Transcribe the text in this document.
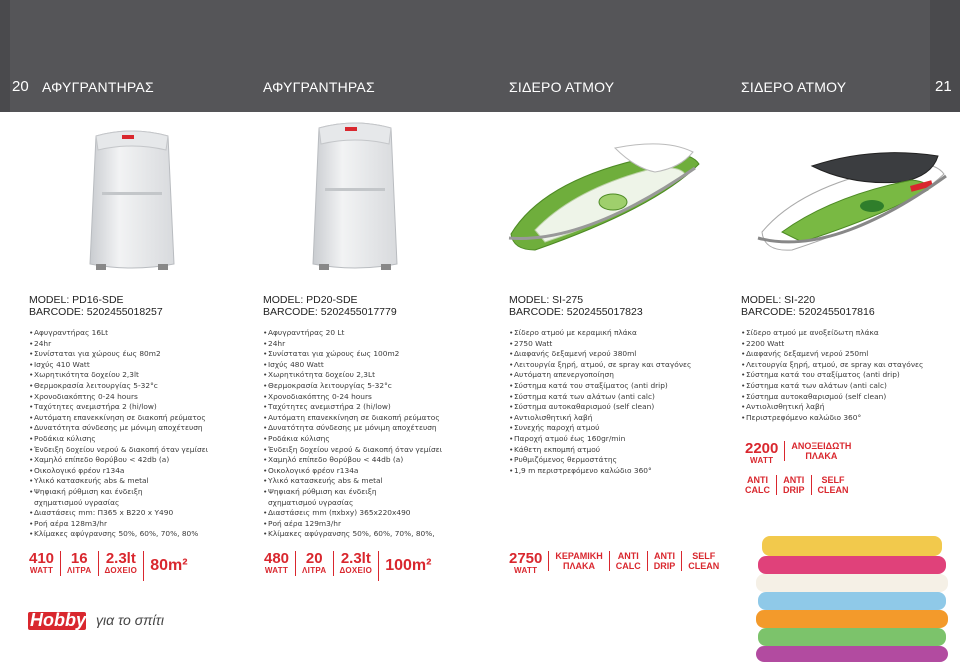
20 ΑΦΥΓΡΑΝΤΗΡΑΣ	ΑΦΥΓΡΑΝΤΗΡΑΣ	ΣΙΔΕΡΟ ΑΤΜΟΥ	ΣΙΔΕΡΟ ΑΤΜΟΥ	21
MODEL: PD16-SDE
BARCODE: 5202455018257
•Αφυγραντήρας 16Lt
•24hr
•Συνίσταται για χώρους έως 80m2
•Ισχύς 410 Watt
•Χωρητικότητα δοχείου 2,3lt
•Θερμοκρασία λειτουργίας 5-32°c
•Χρονοδιακόπτης 0-24 hours
•Ταχύτητες ανεμιστήρα 2 (hi/low)
•Αυτόματη επανεκκίνηση σε διακοπή ρεύματος
•Δυνατότητα σύνδεσης με μόνιμη αποχέτευση
•Ροδάκια κύλισης
•Ένδειξη δοχείου νερού & διακοπή όταν γεμίσει
•Χαμηλό επίπεδο θορύβου < 42db (a)
•Οικολογικό φρέον r134a
•Υλικό κατασκευής abs & metal
•Ψηφιακή ρύθμιση και ένδειξη
σχηματισμού υγρασίας
•Διαστάσεις mm: Π365 x Β220 x Υ490
•Ροή αέρα 128m3/hr
•Κλίμακες αφύγρανσης 50%, 60%, 70%, 80%
MODEL: PD20-SDE
BARCODE: 5202455017779
•Αφυγραντήρας 20 Lt
•24hr
•Συνίσταται για χώρους έως 100m2
•Ισχύς 480 Watt
•Χωρητικότητα δοχείου 2,3Lt
•Θερμοκρασία λειτουργίας 5-32°c
•Χρονοδιακόπτης 0-24 hours
•Ταχύτητες ανεμιστήρα 2 (hi/low)
•Αυτόματη επανεκκίνηση σε διακοπή ρεύματος
•Δυνατότητα σύνδεσης με μόνιμη αποχέτευση
•Ροδάκια κύλισης
•Ένδειξη δοχείου νερού & διακοπή όταν γεμίσει
•Χαμηλό επίπεδο θορύβου < 44db (a)
•Οικολογικό φρέον r134a
•Υλικό κατασκευής abs & metal
•Ψηφιακή ρύθμιση και ένδειξη
σχηματισμού υγρασίας
•Διαστάσεις mm (πxbxy) 365x220x490
•Ροή αέρα 129m3/hr
•Κλίμακες αφύγρανσης 50%, 60%, 70%, 80%,
MODEL: SI-275
BARCODE: 5202455017823
•Σίδερο ατμού με κεραμική πλάκα
•2750 Watt
•Διαφανής δεξαμενή νερού 380ml
•Λειτουργία ξηρή, ατμού, σε spray και σταγόνες
•Αυτόματη απενεργοποίηση
•Σύστημα κατά του σταξίματος (anti drip)
•Σύστημα κατά των αλάτων (anti calc)
•Σύστημα αυτοκαθαρισμού (self clean)
•Αντιολισθητική λαβή
•Συνεχής παροχή ατμού
•Παροχή ατμού έως 160gr/min
•Κάθετη εκπομπή ατμού
•Ρυθμιζόμενος θερμοστάτης
•1,9 m περιστρεφόμενο καλώδιο 360°
MODEL: SI-220
BARCODE: 5202455017816
•Σίδερο ατμού με ανοξείδωτη πλάκα
•2200 Watt
•Διαφανής δεξαμενή νερού 250ml
•Λειτουργία ξηρή, ατμού, σε spray και σταγόνες
•Σύστημα κατά του σταξίματος (anti drip)
•Σύστημα κατά των αλάτων (anti calc)
•Σύστημα αυτοκαθαρισμού (self clean)
•Αντιολισθητική λαβή
•Περιστρεφόμενο καλώδιο 360°
410
WATT
16
ΛΙΤΡΑ
2.3lt
ΔΟΧΕΙΟ 80m²	480
WATT
20
ΛΙΤΡΑ
2.3lt
ΔΟΧΕΙΟ 100m²	2750
WATT
ΚΕΡΑΜΙΚΗ
ΠΛΑΚΑ
ANTI
CALC
ANTI
DRIP
SELF
CLEAN
2200
WATT
ΑΝΟΞΕΙΔΩΤΗ
ΠΛΑΚΑ
ANTI
CALC
ANTI
DRIP
SELF
CLEAN
Hobby για το σπίτι
